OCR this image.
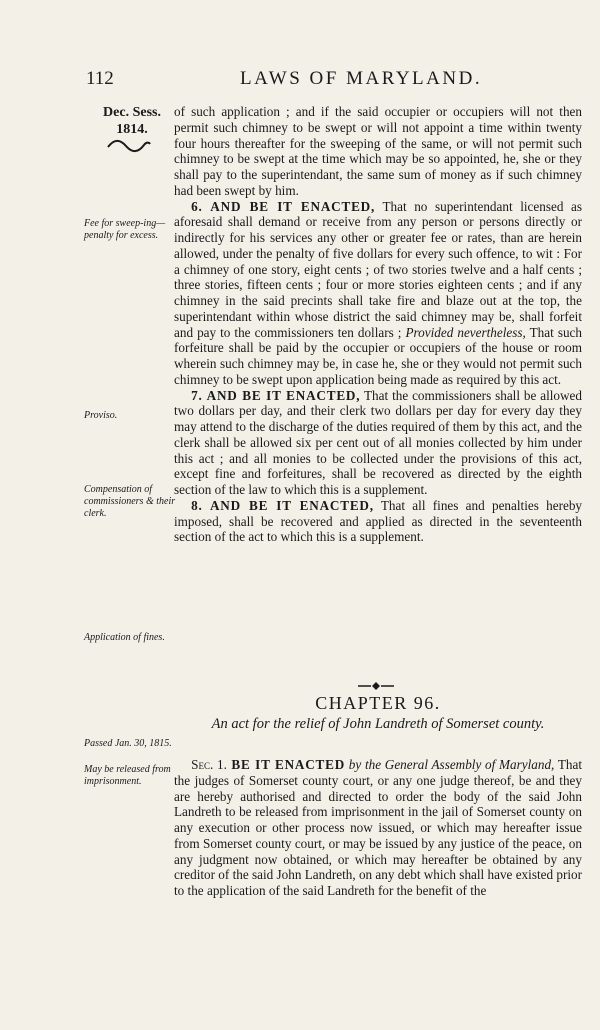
112	LAWS OF MARYLAND.
Dec. Sess.
1814.
Fee for sweep-ing—penalty for excess.
Proviso.
Compensation of commissioners & their clerk.
Application of fines.
Passed Jan. 30, 1815.
May be released from imprisonment.

of such application ; and if the said occupier or occupiers will not then permit such chimney to be swept or will not appoint a time within twenty four hours thereafter for the sweeping of the same, or will not permit such chimney to be swept at the time which may be so appointed, he, she or they shall pay to the superintendant, the same sum of money as if such chimney had been swept by him.

6. AND BE IT ENACTED, That no superintendant licensed as aforesaid shall demand or receive from any person or persons directly or indirectly for his services any other or greater fee or rates, than are herein allowed, under the penalty of five dollars for every such offence, to wit : For a chimney of one story, eight cents ; of two stories twelve and a half cents ; three stories, fifteen cents ; four or more stories eighteen cents ; and if any chimney in the said precints shall take fire and blaze out at the top, the superintendant within whose district the said chimney may be, shall forfeit and pay to the commissioners ten dollars ; Provided nevertheless, That such forfeiture shall be paid by the occupier or occupiers of the house or room wherein such chimney may be, in case he, she or they would not permit such chimney to be swept upon application being made as required by this act.

7. AND BE IT ENACTED, That the commissioners shall be allowed two dollars per day, and their clerk two dollars per day for every day they may attend to the discharge of the duties required of them by this act, and the clerk shall be allowed six per cent out of all monies collected by him under this act ; and all monies to be collected under the provisions of this act, except fine and forfeitures, shall be recovered as directed by the eighth section of the law to which this is a supplement.

8. AND BE IT ENACTED, That all fines and penalties hereby imposed, shall be recovered and applied as directed in the seventeenth section of the act to which this is a supplement.

CHAPTER 96.
An act for the relief of John Landreth of Somerset county.

Sec. 1. BE IT ENACTED by the General Assembly of Maryland, That the judges of Somerset county court, or any one judge thereof, be and they are hereby authorised and directed to order the body of the said John Landreth to be released from imprisonment in the jail of Somerset county on any execution or other process now issued, or which may hereafter issue from Somerset county court, or may be issued by any justice of the peace, on any judgment now obtained, or which may hereafter be obtained by any creditor of the said John Landreth, on any debt which shall have existed prior to the application of the said Landreth for the benefit of the
